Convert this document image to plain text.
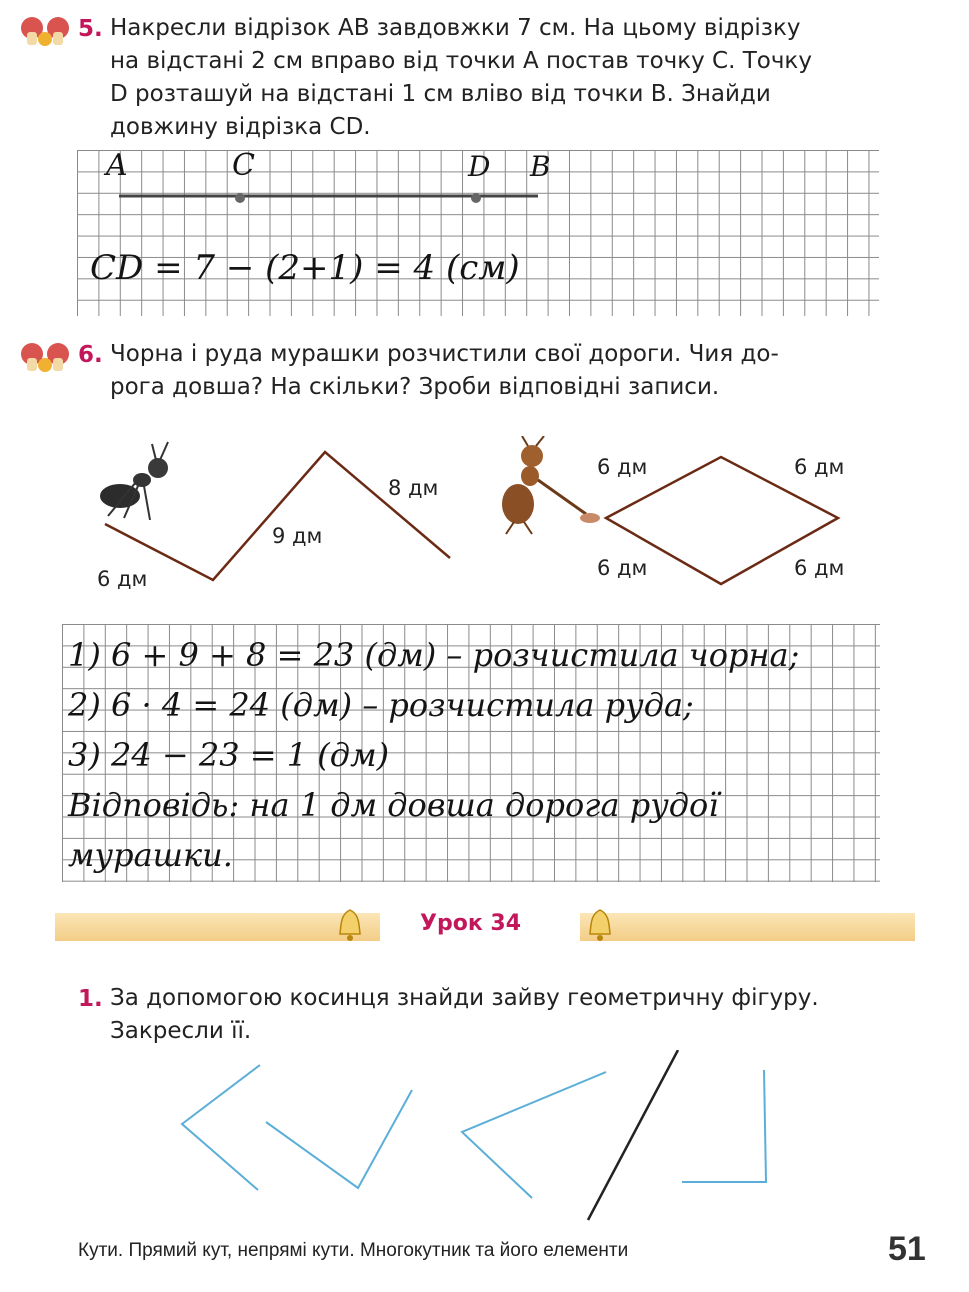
5. Накресли відрізок АВ завдовжки 7 см. На цьому відрізку
на відстані 2 см вправо від точки А постав точку С. Точку
D розташуй на відстані 1 см вліво від точки В. Знайди
довжину відрізка CD.
A	C	D B
CD = 7 − (2+1) = 4 (см)
6. Чорна і руда мурашки розчистили свої дороги. Чия до-
рога довша? На скільки? Зроби відповідні записи.
6 дм
9 дм
8 дм
6 дм	6 дм
6 дм	6 дм
1) 6 + 9 + 8 = 23 (дм) – розчистила чорна;
2) 6 · 4 = 24 (дм) – розчистила руда;
3) 24 − 23 = 1 (дм)
Відповідь: на 1 дм довша дорога рудої
мурашки.
Урок 34
1. За допомогою косинця знайди зайву геометричну фігуру.
Закресли її.
Кути. Прямий кут, непрямі кути. Многокутник та його елементи	51
